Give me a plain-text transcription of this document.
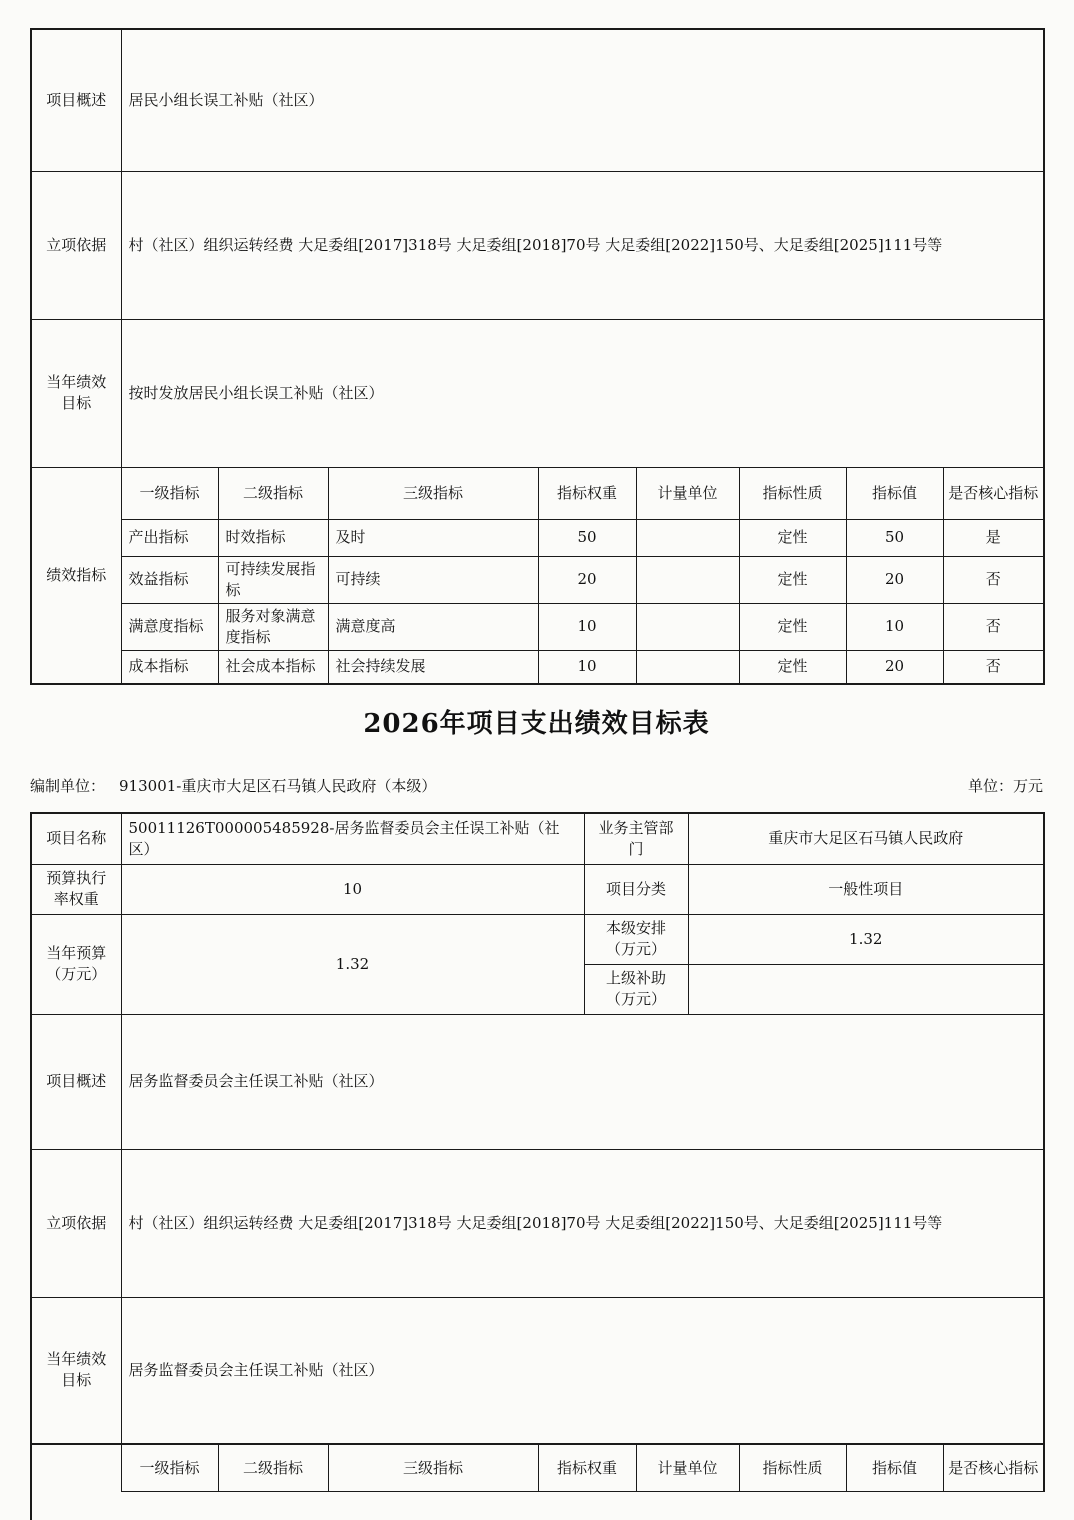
项目概述	居民小组长误工补贴（社区）							
立项依据	村（社区）组织运转经费 大足委组[2017]318号 大足委组[2018]70号 大足委组[2022]150号、大足委组[2025]111号等							
当年绩效目标	按时发放居民小组长误工补贴（社区）							
绩效指标	一级指标	二级指标	三级指标	指标权重	计量单位	指标性质	指标值	是否核心指标
	产出指标	时效指标	及时	50		定性	50	是
	效益指标	可持续发展指标	可持续	20		定性	20	否
	满意度指标	服务对象满意度指标	满意度高	10		定性	10	否
	成本指标	社会成本指标	社会持续发展	10		定性	20	否
2026年项目支出绩效目标表
编制单位： 913001-重庆市大足区石马镇人民政府（本级）	单位：万元
项目名称	50011126T000005485928-居务监督委员会主任误工补贴（社区）	业务主管部门	重庆市大足区石马镇人民政府
预算执行率权重	10	项目分类	一般性项目
当年预算（万元）	1.32	本级安排（万元）	1.32
		上级补助（万元）	
项目概述	居务监督委员会主任误工补贴（社区）		
立项依据	村（社区）组织运转经费 大足委组[2017]318号 大足委组[2018]70号 大足委组[2022]150号、大足委组[2025]111号等		
当年绩效目标	居务监督委员会主任误工补贴（社区）		
	一级指标	二级指标	三级指标	指标权重	计量单位	指标性质	指标值	是否核心指标
